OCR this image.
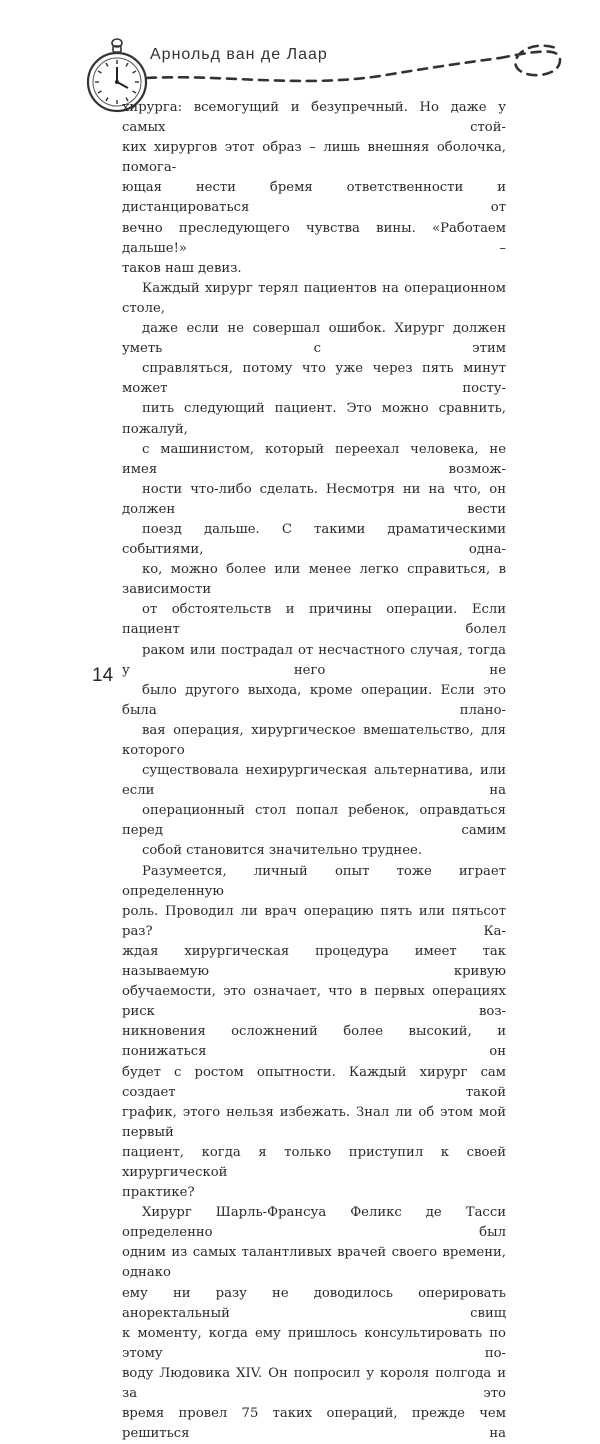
Арнольд ван де Лаар

хирурга: всемогущий и безупречный. Но даже у самых стой-
ких хирургов этот образ – лишь внешняя оболочка, помога-
ющая нести бремя ответственности и дистанцироваться от
вечно преследующего чувства вины. «Работаем дальше!» –
таков наш девиз.

Каждый хирург терял пациентов на операционном столе,
даже если не совершал ошибок. Хирург должен уметь с этим
справляться, потому что уже через пять минут может посту-
пить следующий пациент. Это можно сравнить, пожалуй,
с машинистом, который переехал человека, не имея возмож-
ности что-либо сделать. Несмотря ни на что, он должен вести
поезд дальше. С такими драматическими событиями, одна-
ко, можно более или менее легко справиться, в зависимости
от обстоятельств и причины операции. Если пациент болел
раком или пострадал от несчастного случая, тогда у него не
было другого выхода, кроме операции. Если это была плано-
вая операция, хирургическое вмешательство, для которого
существовала нехирургическая альтернатива, или если на
операционный стол попал ребенок, оправдаться перед самим
собой становится значительно труднее.

Разумеется, личный опыт тоже играет определенную
роль. Проводил ли врач операцию пять или пятьсот раз? Ка-
ждая хирургическая процедура имеет так называемую кривую
обучаемости, это означает, что в первых операциях риск воз-
никновения осложнений более высокий, и понижаться он
будет с ростом опытности. Каждый хирург сам создает такой
график, этого нельзя избежать. Знал ли об этом мой первый
пациент, когда я только приступил к своей хирургической
практике?

Хирург Шарль-Франсуа Феликс де Тасси определенно был
одним из самых талантливых врачей своего времени, однако
ему ни разу не доводилось оперировать аноректальный свищ
к моменту, когда ему пришлось консультировать по этому по-
воду Людовика XIV. Он попросил у короля полгода и за это
время провел 75 таких операций, прежде чем решиться на

14
